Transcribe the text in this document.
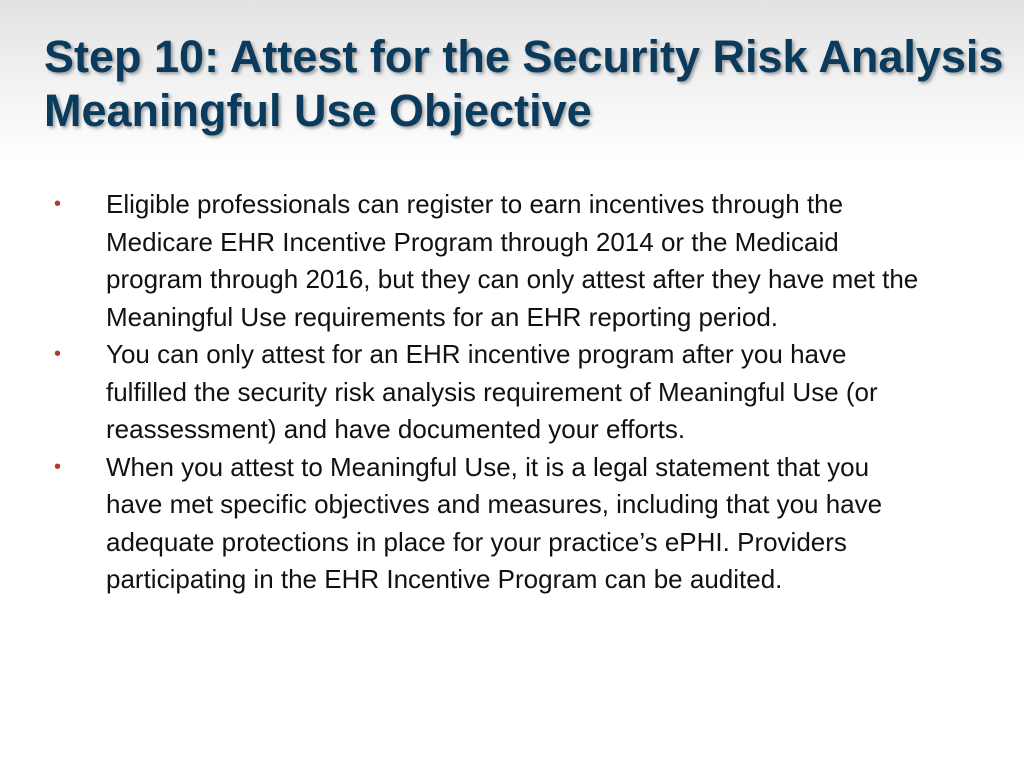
Step 10: Attest for the Security Risk Analysis Meaningful Use Objective
• Eligible professionals can register to earn incentives through the Medicare EHR Incentive Program through 2014 or the Medicaid program through 2016, but they can only attest after they have met the Meaningful Use requirements for an EHR reporting period.
• You can only attest for an EHR incentive program after you have fulfilled the security risk analysis requirement of Meaningful Use (or reassessment) and have documented your efforts.
• When you attest to Meaningful Use, it is a legal statement that you have met specific objectives and measures, including that you have adequate protections in place for your practice’s ePHI. Providers participating in the EHR Incentive Program can be audited.
